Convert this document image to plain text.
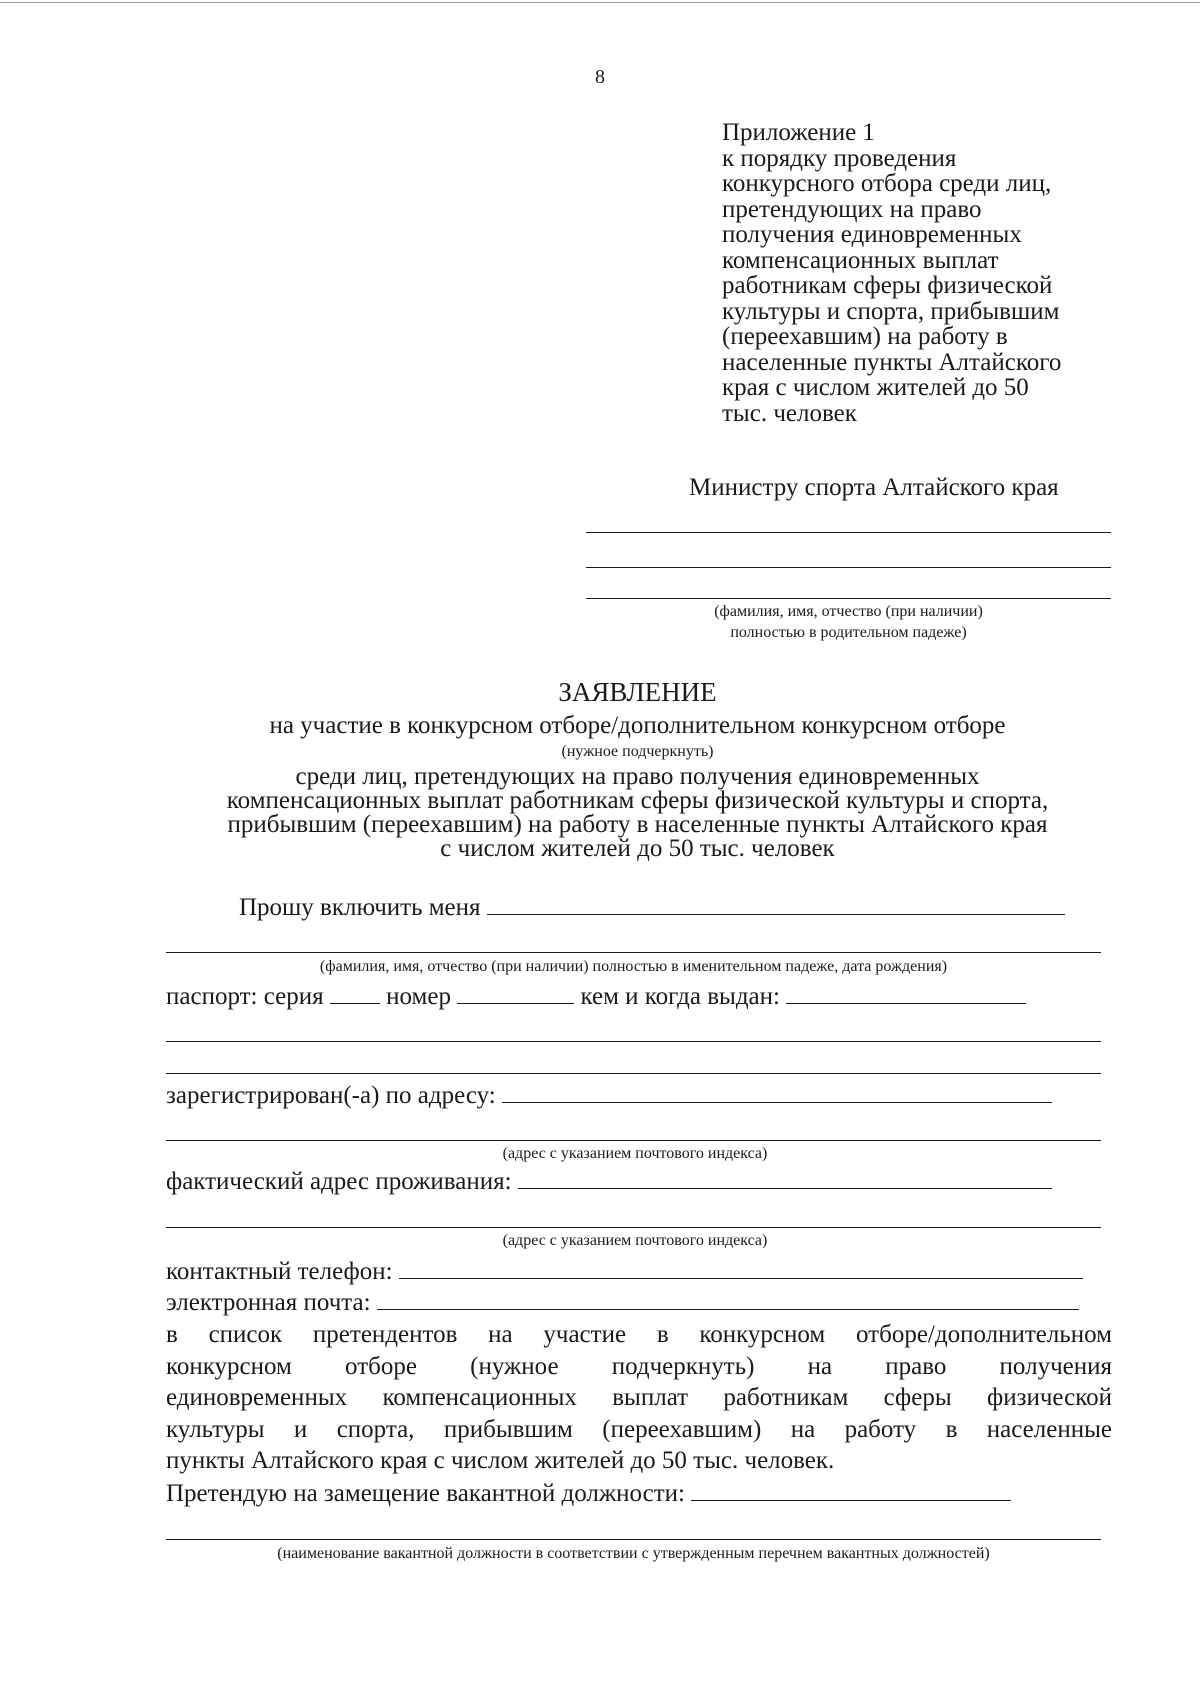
8
Приложение 1
к порядку проведения
конкурсного отбора среди лиц,
претендующих на право
получения единовременных
компенсационных выплат
работникам сферы физической
культуры и спорта, прибывшим
(переехавшим) на работу в
населенные пункты Алтайского
края с числом жителей до 50
тыс. человек
Министру спорта Алтайского края
(фамилия, имя, отчество (при наличии)
полностью в родительном падеже)
ЗАЯВЛЕНИЕ
на участие в конкурсном отборе/дополнительном конкурсном отборе
(нужное подчеркнуть)
среди лиц, претендующих на право получения единовременных
компенсационных выплат работникам сферы физической культуры и спорта,
прибывшим (переехавшим) на работу в населенные пункты Алтайского края
с числом жителей до 50 тыс. человек
Прошу включить меня
(фамилия, имя, отчество (при наличии) полностью в именительном падеже, дата рождения)
паспорт: серия	номер	кем и когда выдан:
зарегистрирован(-а) по адресу:
(адрес с указанием почтового индекса)
фактический адрес проживания:
(адрес с указанием почтового индекса)
контактный телефон:
электронная почта:
в список претендентов на участие в конкурсном отборе/дополнительном
конкурсном отборе (нужное подчеркнуть) на право получения
единовременных компенсационных выплат работникам сферы физической
культуры и спорта, прибывшим (переехавшим) на работу в населенные
пункты Алтайского края с числом жителей до 50 тыс. человек.
Претендую на замещение вакантной должности:
(наименование вакантной должности в соответствии с утвержденным перечнем вакантных должностей)
